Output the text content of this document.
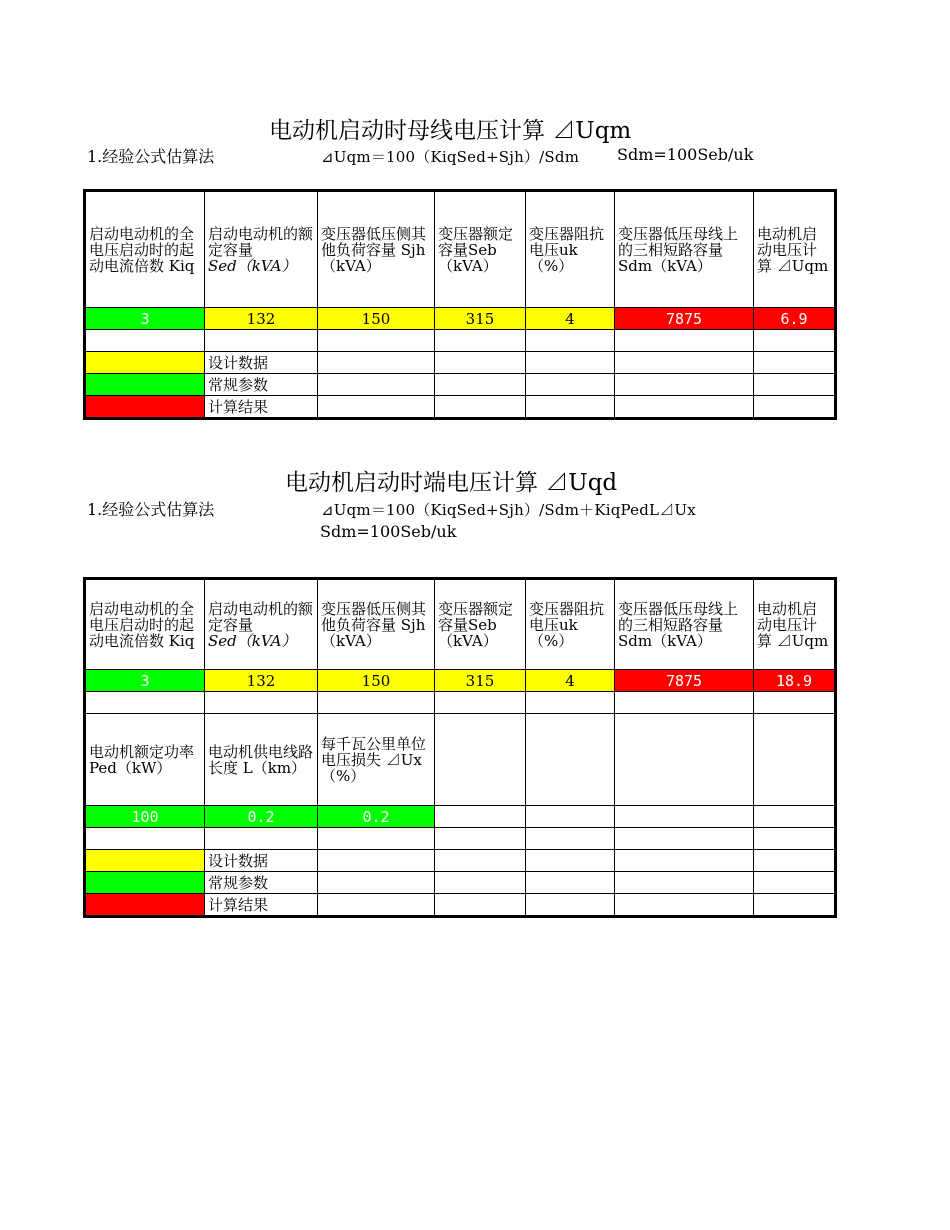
电动机启动时母线电压计算 ⊿Uqm
1.经验公式估算法	⊿Uqm＝100（KiqSed+Sjh）/Sdm Sdm=100Seb/uk
启动电动机的全电压启动时的起动电流倍数 Kiq	启动电动机的额定容量
Sed（kVA）	变压器低压侧其他负荷容量 Sjh（kVA）	变压器额定容量Seb（kVA）	变压器阻抗电压uk（%）	变压器低压母线上的三相短路容量 Sdm（kVA）	电动机启动电压计算 ⊿Uqm
3	132	150	315	4	7875	6.9

	设计数据					
	常规参数					
	计算结果					
电动机启动时端电压计算 ⊿Uqd
1.经验公式估算法	⊿Uqm＝100（KiqSed+Sjh）/Sdm＋KiqPedL⊿Ux
Sdm=100Seb/uk
启动电动机的全电压启动时的起动电流倍数 Kiq	启动电动机的额定容量
Sed（kVA）	变压器低压侧其他负荷容量 Sjh（kVA）	变压器额定容量Seb（kVA）	变压器阻抗电压uk（%）	变压器低压母线上的三相短路容量 Sdm（kVA）	电动机启动电压计算 ⊿Uqm
3	132	150	315	4	7875	18.9

电动机额定功率Ped（kW）	电动机供电线路长度 L（km）	每千瓦公里单位电压损失 ⊿Ux（%）				
100	0.2	0.2				

	设计数据					
	常规参数					
	计算结果					
